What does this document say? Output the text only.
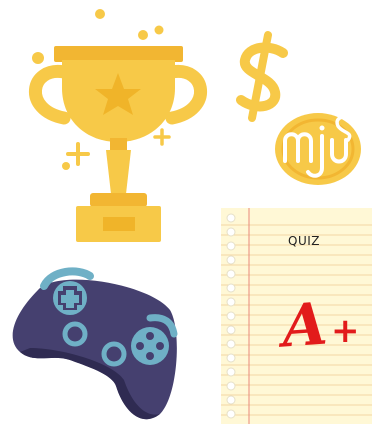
QUIZ
A +
